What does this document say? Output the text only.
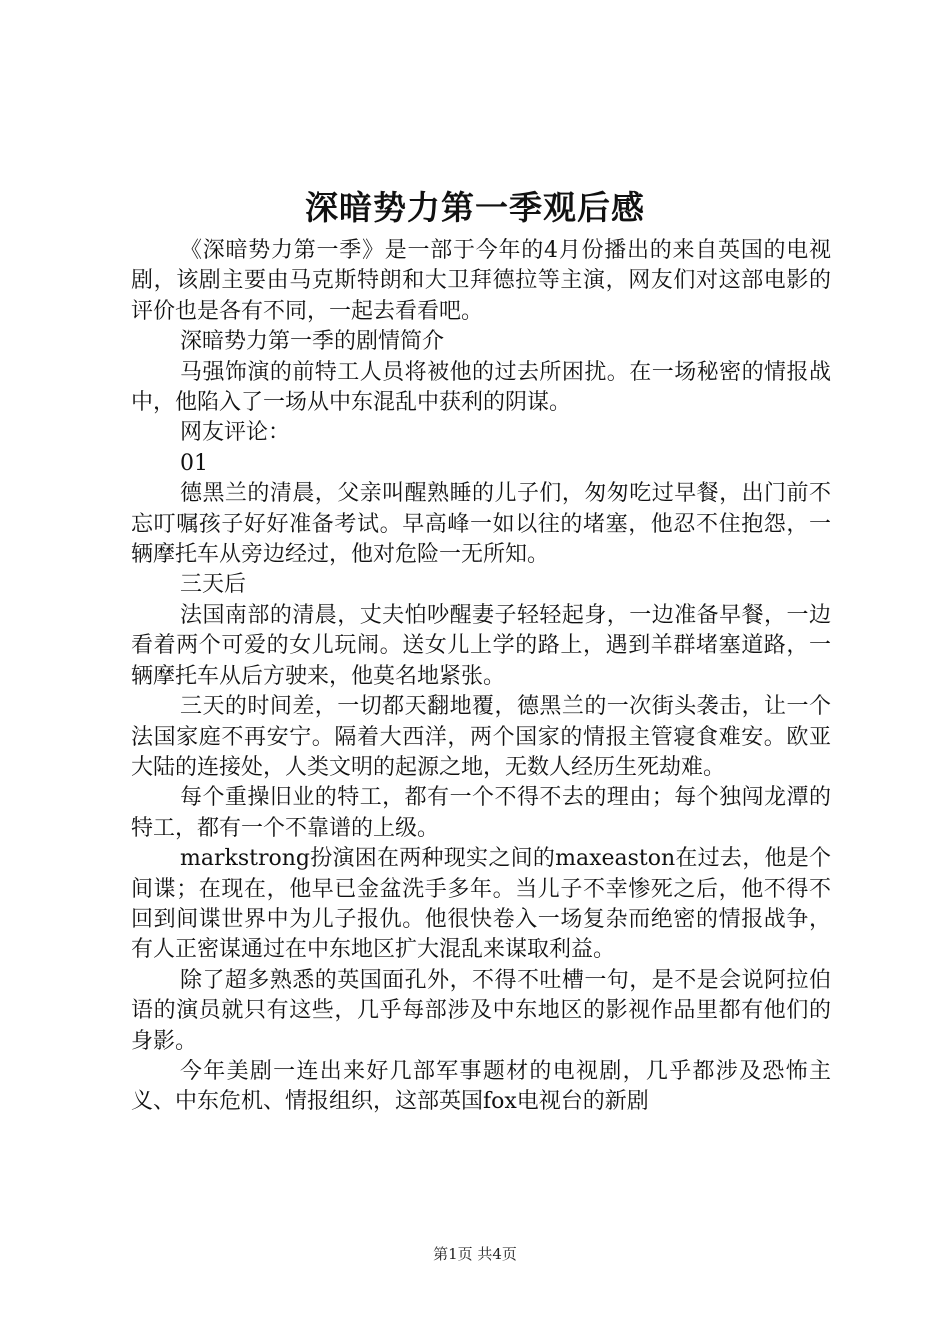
深暗势力第一季观后感

《深暗势力第一季》是一部于今年的4月份播出的来自英国的电视剧，该剧主要由马克斯特朗和大卫拜德拉等主演，网友们对这部电影的评价也是各有不同，一起去看看吧。

深暗势力第一季的剧情简介

马强饰演的前特工人员将被他的过去所困扰。在一场秘密的情报战中，他陷入了一场从中东混乱中获利的阴谋。

网友评论：

01

德黑兰的清晨，父亲叫醒熟睡的儿子们，匆匆吃过早餐，出门前不忘叮嘱孩子好好准备考试。早高峰一如以往的堵塞，他忍不住抱怨，一辆摩托车从旁边经过，他对危险一无所知。

三天后

法国南部的清晨，丈夫怕吵醒妻子轻轻起身，一边准备早餐，一边看着两个可爱的女儿玩闹。送女儿上学的路上，遇到羊群堵塞道路，一辆摩托车从后方驶来，他莫名地紧张。

三天的时间差，一切都天翻地覆，德黑兰的一次街头袭击，让一个法国家庭不再安宁。隔着大西洋，两个国家的情报主管寝食难安。欧亚大陆的连接处，人类文明的起源之地，无数人经历生死劫难。

每个重操旧业的特工，都有一个不得不去的理由；每个独闯龙潭的特工，都有一个不靠谱的上级。

markstrong扮演困在两种现实之间的maxeaston在过去，他是个间谍；在现在，他早已金盆洗手多年。当儿子不幸惨死之后，他不得不回到间谍世界中为儿子报仇。他很快卷入一场复杂而绝密的情报战争，有人正密谋通过在中东地区扩大混乱来谋取利益。

除了超多熟悉的英国面孔外，不得不吐槽一句，是不是会说阿拉伯语的演员就只有这些，几乎每部涉及中东地区的影视作品里都有他们的身影。

今年美剧一连出来好几部军事题材的电视剧，几乎都涉及恐怖主义、中东危机、情报组织，这部英国fox电视台的新剧

第1页 共4页
